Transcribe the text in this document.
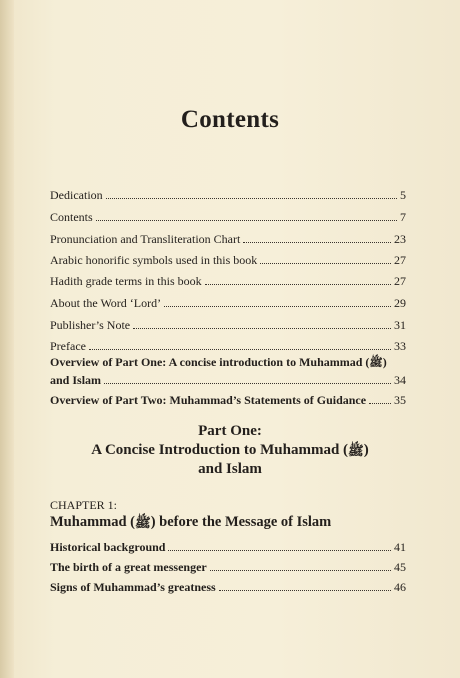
Contents
Dedication	5
Contents	7
Pronunciation and Transliteration Chart	23
Arabic honorific symbols used in this book	27
Hadith grade terms in this book	27
About the Word ‘Lord’	29
Publisher’s Note	31
Preface	33
Overview of Part One: A concise introduction to Muhammad (ﷺ)
and Islam	34
Overview of Part Two: Muhammad’s Statements of Guidance 35
Part One:
A Concise Introduction to Muhammad (ﷺ)
and Islam
CHAPTER 1:
Muhammad (ﷺ) before the Message of Islam
Historical background	41
The birth of a great messenger	45
Signs of Muhammad’s greatness	46
